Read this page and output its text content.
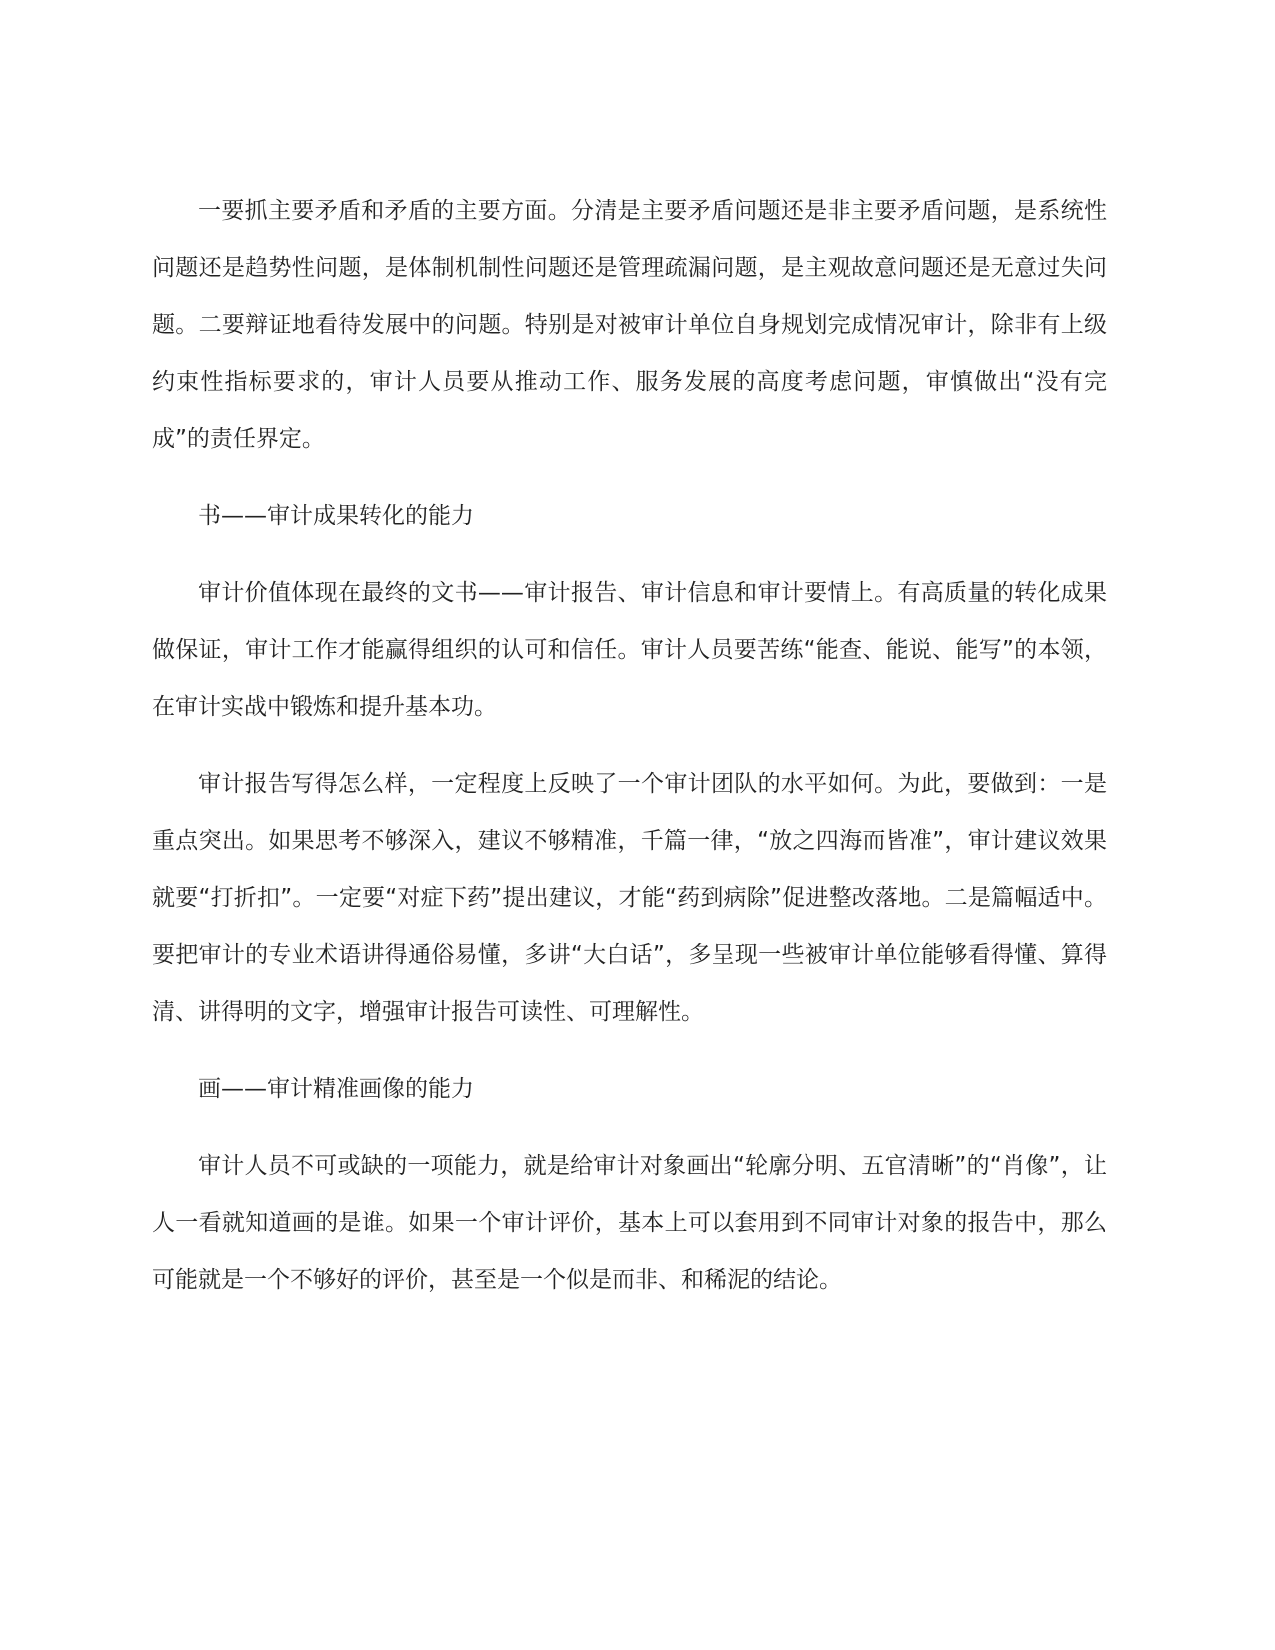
一要抓主要矛盾和矛盾的主要方面。分清是主要矛盾问题还是非主要矛盾问题，是系统性问题还是趋势性问题，是体制机制性问题还是管理疏漏问题，是主观故意问题还是无意过失问题。二要辩证地看待发展中的问题。特别是对被审计单位自身规划完成情况审计，除非有上级约束性指标要求的，审计人员要从推动工作、服务发展的高度考虑问题，审慎做出“没有完成”的责任界定。

书——审计成果转化的能力

审计价值体现在最终的文书——审计报告、审计信息和审计要情上。有高质量的转化成果做保证，审计工作才能赢得组织的认可和信任。审计人员要苦练“能查、能说、能写”的本领，在审计实战中锻炼和提升基本功。

审计报告写得怎么样，一定程度上反映了一个审计团队的水平如何。为此，要做到：一是重点突出。如果思考不够深入，建议不够精准，千篇一律，“放之四海而皆准”，审计建议效果就要“打折扣”。一定要“对症下药”提出建议，才能“药到病除”促进整改落地。二是篇幅适中。要把审计的专业术语讲得通俗易懂，多讲“大白话”，多呈现一些被审计单位能够看得懂、算得清、讲得明的文字，增强审计报告可读性、可理解性。

画——审计精准画像的能力

审计人员不可或缺的一项能力，就是给审计对象画出“轮廓分明、五官清晰”的“肖像”，让人一看就知道画的是谁。如果一个审计评价，基本上可以套用到不同审计对象的报告中，那么可能就是一个不够好的评价，甚至是一个似是而非、和稀泥的结论。
